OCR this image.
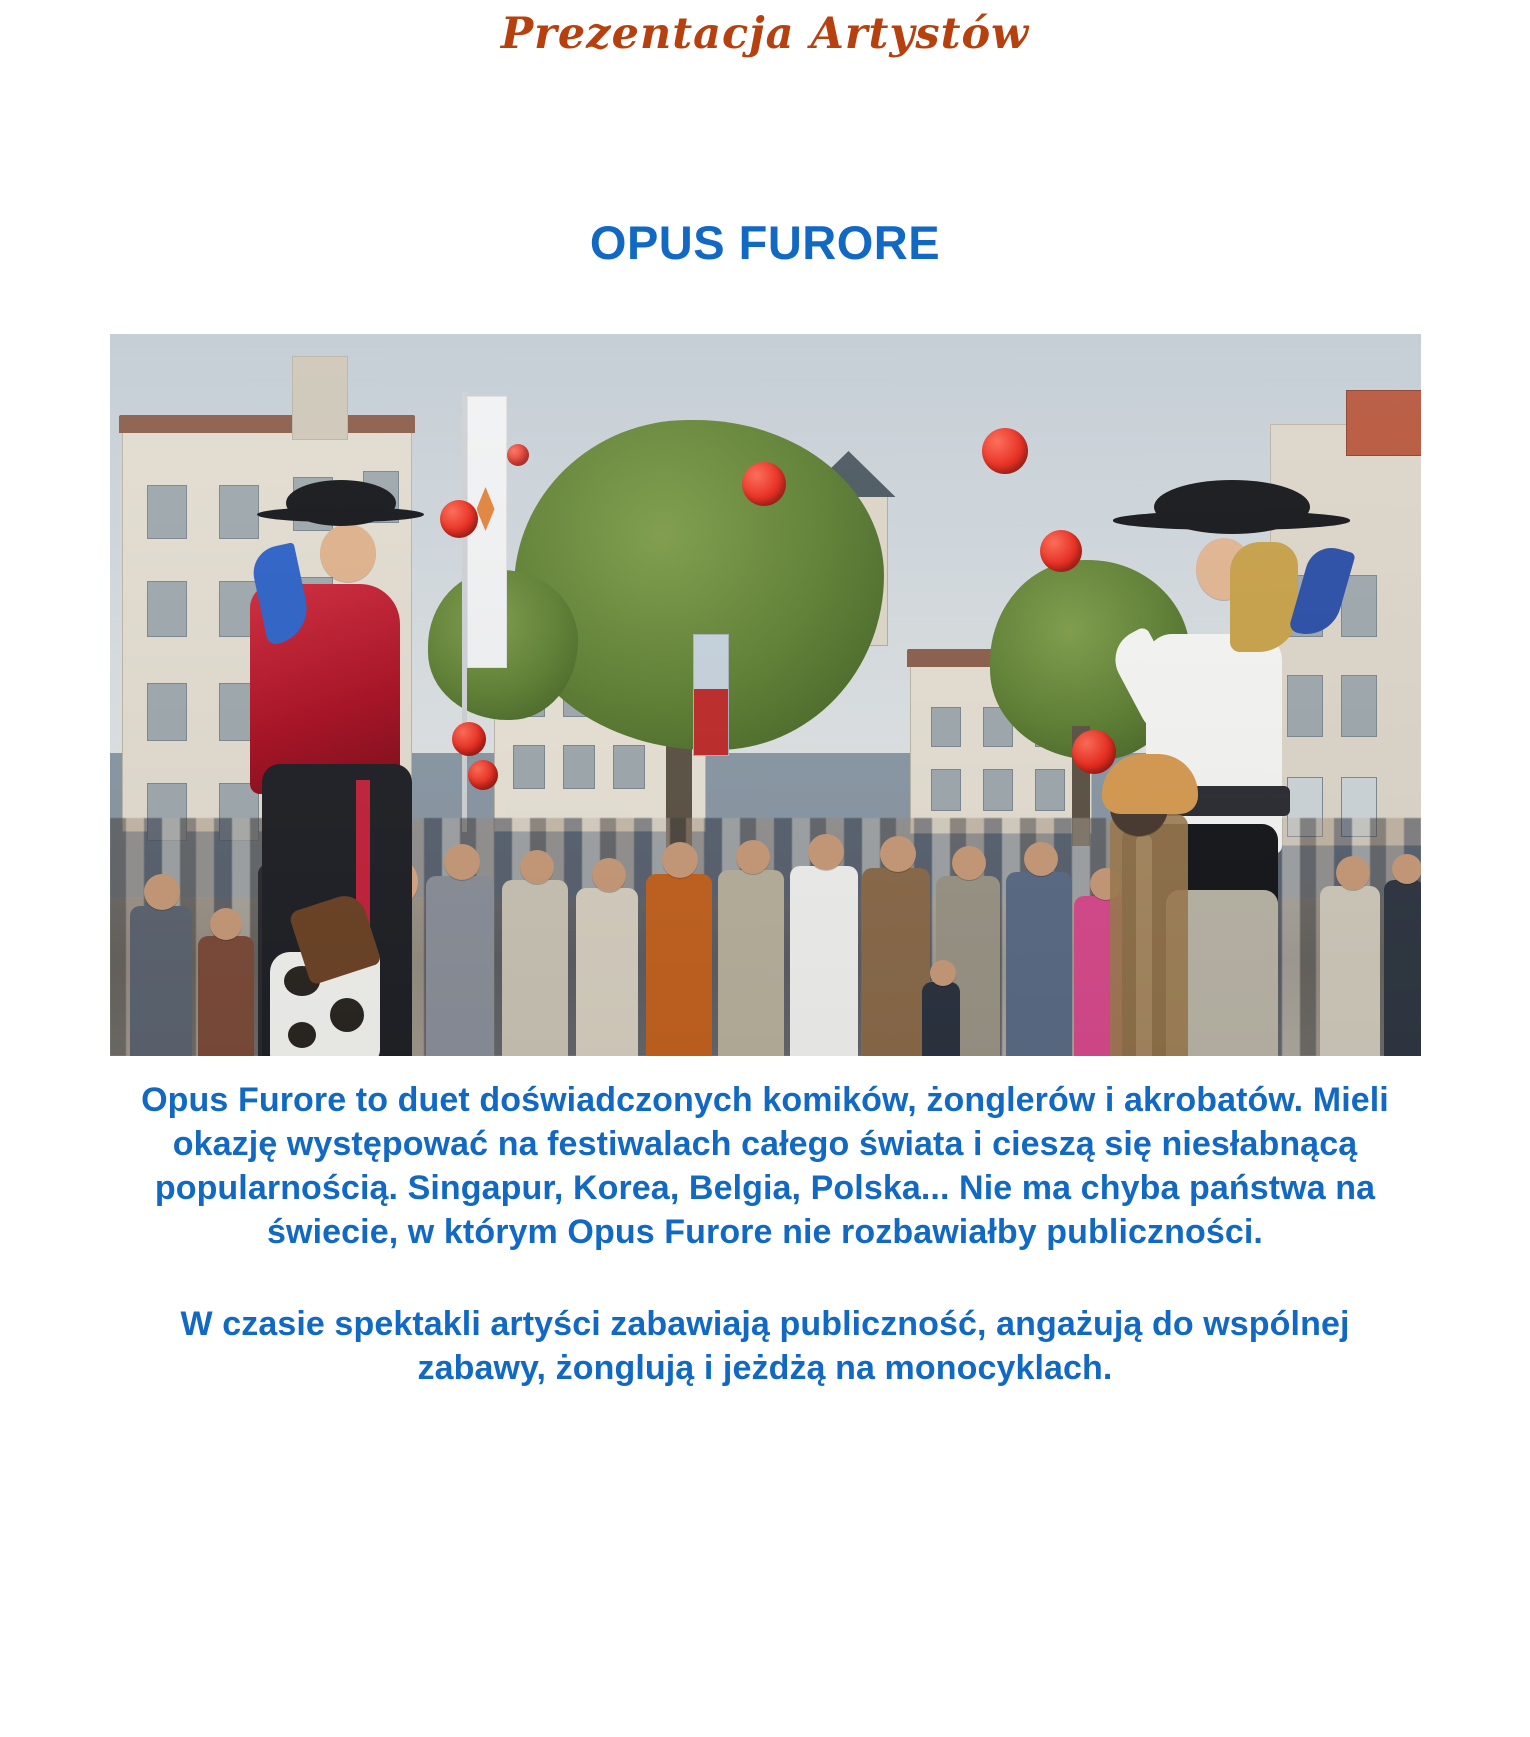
Prezentacja Artystów
OPUS FURORE

Opus Furore to duet doświadczonych komików, żonglerów i akrobatów. Mieli okazję występować na festiwalach całego świata i cieszą się niesłabnącą popularnością. Singapur, Korea, Belgia, Polska... Nie ma chyba państwa na świecie, w którym Opus Furore nie rozbawiałby publiczności.

W czasie spektakli artyści zabawiają publiczność, angażują do wspólnej zabawy, żonglują i jeżdżą na monocyklach.
